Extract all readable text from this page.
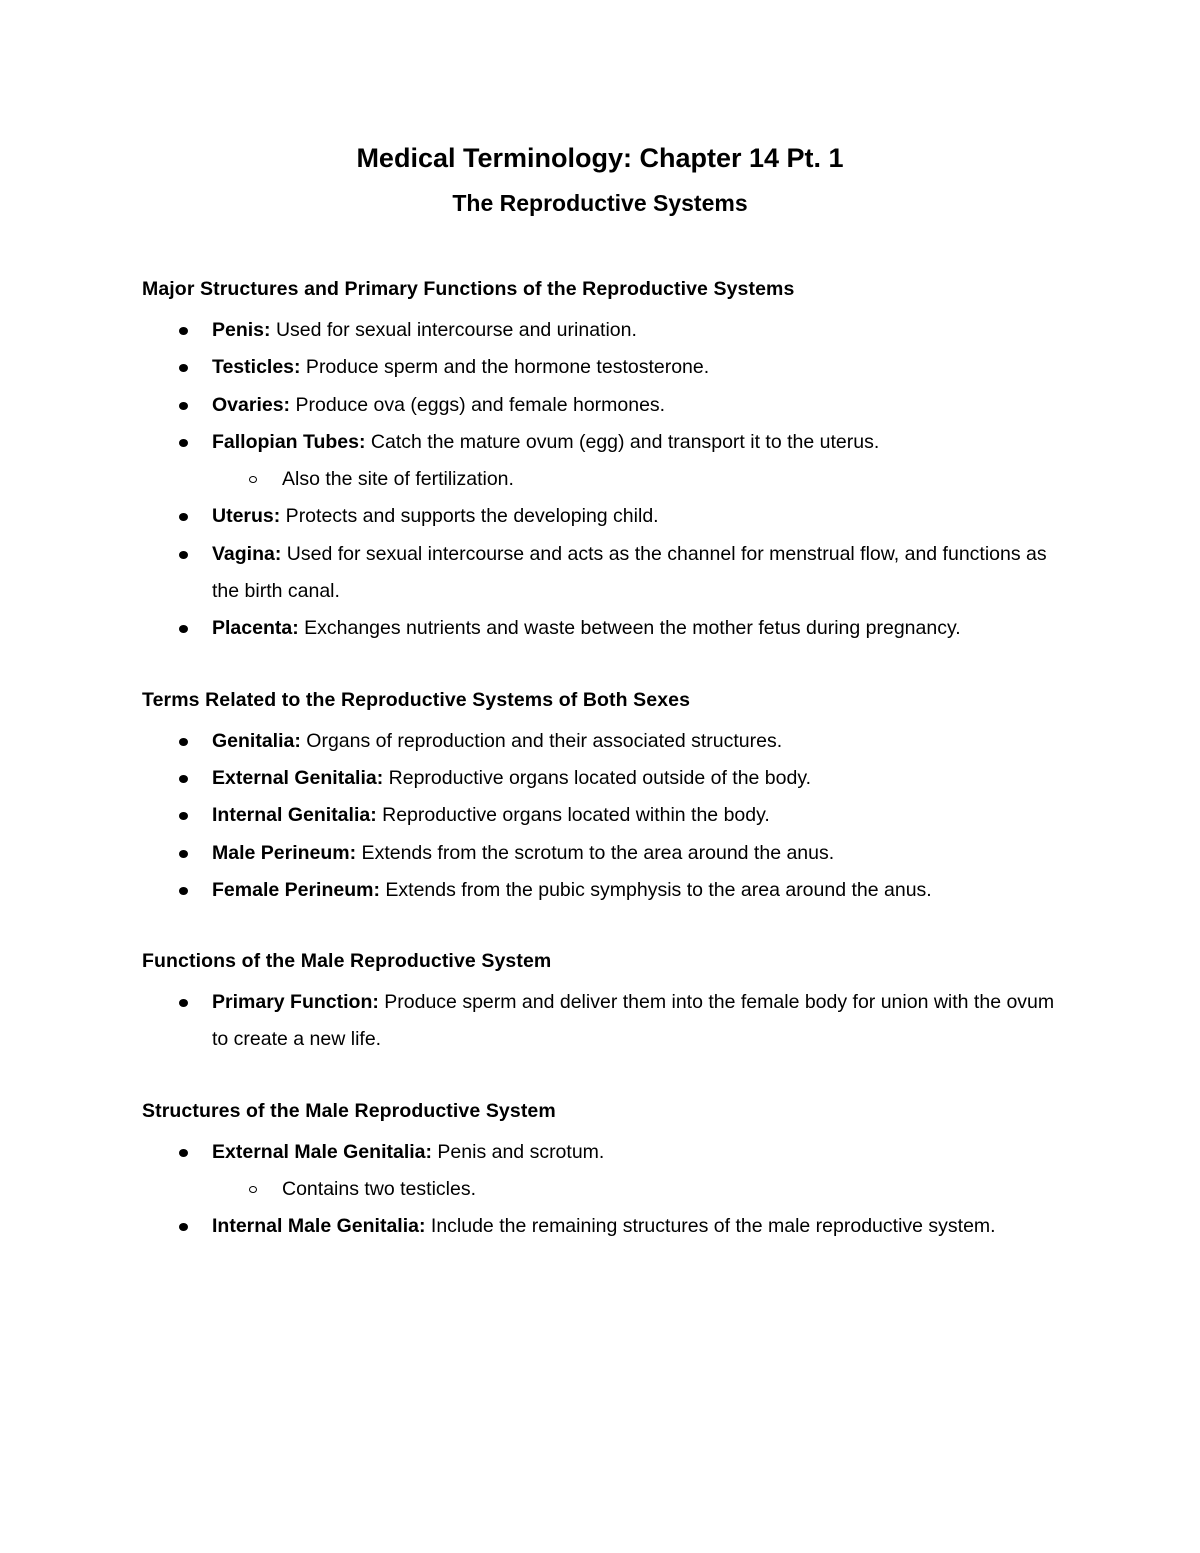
Medical Terminology: Chapter 14 Pt. 1
The Reproductive Systems
Major Structures and Primary Functions of the Reproductive Systems
Penis: Used for sexual intercourse and urination.
Testicles: Produce sperm and the hormone testosterone.
Ovaries: Produce ova (eggs) and female hormones.
Fallopian Tubes: Catch the mature ovum (egg) and transport it to the uterus.
Also the site of fertilization.
Uterus: Protects and supports the developing child.
Vagina: Used for sexual intercourse and acts as the channel for menstrual flow, and functions as the birth canal.
Placenta: Exchanges nutrients and waste between the mother fetus during pregnancy.
Terms Related to the Reproductive Systems of Both Sexes
Genitalia: Organs of reproduction and their associated structures.
External Genitalia: Reproductive organs located outside of the body.
Internal Genitalia: Reproductive organs located within the body.
Male Perineum: Extends from the scrotum to the area around the anus.
Female Perineum: Extends from the pubic symphysis to the area around the anus.
Functions of the Male Reproductive System
Primary Function: Produce sperm and deliver them into the female body for union with the ovum to create a new life.
Structures of the Male Reproductive System
External Male Genitalia: Penis and scrotum.
Contains two testicles.
Internal Male Genitalia: Include the remaining structures of the male reproductive system.
